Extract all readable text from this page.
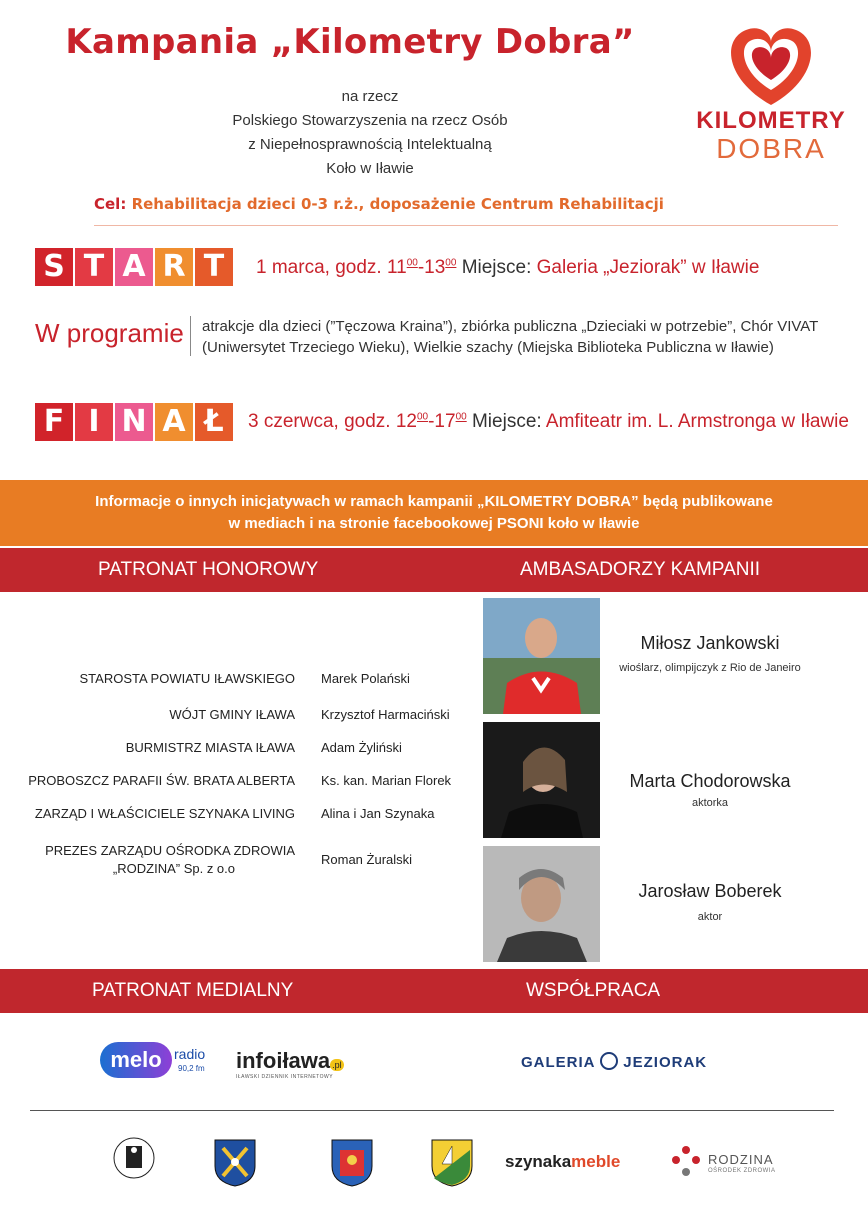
Kampania „Kilometry Dobra”
na rzecz
Polskiego Stowarzyszenia na rzecz Osób
z Niepełnosprawnością Intelektualną
Koło w Iławie
KILOMETRY
DOBRA
Cel: Rehabilitacja dzieci 0-3 r.ż., doposażenie Centrum Rehabilitacji
S T A R T	1 marca, godz. $11^{00}-13^{00}$ Miejsce: Galeria „Jeziorak” w Iławie
W programie atrakcje dla dzieci (”Tęczowa Kraina”), zbiórka publiczna „Dzieciaki w potrzebie”, Chór VIVAT
(Uniwersytet Trzeciego Wieku), Wielkie szachy (Miejska Biblioteka Publiczna w Iławie)
F I N A Ł	3 czerwca, godz. $12^{00}-17^{00}$ Miejsce: Amfiteatr im. L. Armstronga w Iławie
Informacje o innych inicjatywach w ramach kampanii „KILOMETRY DOBRA” będą publikowane
w mediach i na stronie facebookowej PSONI koło w Iławie
PATRONAT HONOROWY	AMBASADORZY KAMPANII
STAROSTA POWIATU IŁAWSKIEGO Marek Polański
WÓJT GMINY IŁAWA Krzysztof Harmaciński
BURMISTRZ MIASTA IŁAWA Adam Żyliński
PROBOSZCZ PARAFII ŚW. BRATA ALBERTA Ks. kan. Marian Florek
ZARZĄD I WŁAŚCICIELE SZYNAKA LIVING Alina i Jan Szynaka
PREZES ZARZĄDU OŚRODKA ZDROWIA
„RODZINA” Sp. z o.o
Roman Żuralski
Miłosz Jankowski
wioślarz, olimpijczyk z Rio de Janeiro
Marta Chodorowska
aktorka
Jarosław Boberek
aktor
PATRONAT MEDIALNY	WSPÓŁPRACA
melo radio
90,2 fm infoiława .pl
IŁAWSKI DZIENNIK INTERNETOWY
GALERIA JEZIORAK
szynakameble	RODZINA
OŚRODEK ZDROWIA
